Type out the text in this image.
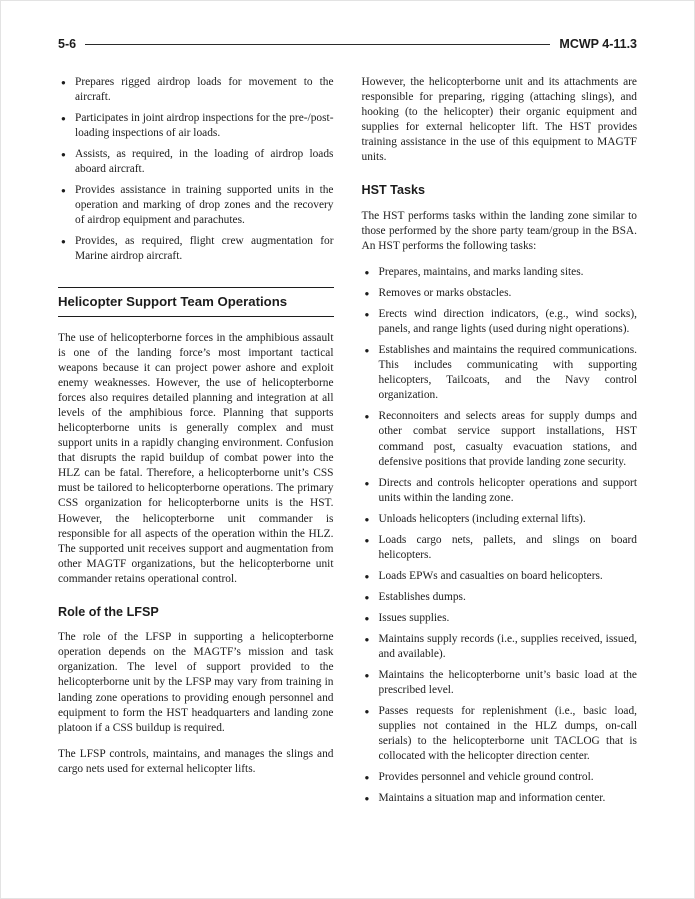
5-6	MCWP 4-11.3
● Prepares rigged airdrop loads for movement to the aircraft.
● Participates in joint airdrop inspections for the pre-/post-loading inspections of air loads.
● Assists, as required, in the loading of airdrop loads aboard aircraft.
● Provides assistance in training supported units in the operation and marking of drop zones and the recovery of airdrop equipment and parachutes.
● Provides, as required, flight crew augmentation for Marine airdrop aircraft.
Helicopter Support Team Operations

The use of helicopterborne forces in the amphibious assault is one of the landing force’s most important tactical weapons because it can project power ashore and exploit enemy weaknesses. However, the use of helicopterborne forces also requires detailed planning and integration at all levels of the amphibious force. Planning that supports helicopterborne units is generally complex and must support units in a rapidly changing environment. Confusion that disrupts the rapid buildup of combat power into the HLZ can be fatal. Therefore, a helicopterborne unit’s CSS must be tailored to helicopterborne operations. The primary CSS organization for helicopterborne units is the HST. However, the helicopterborne unit commander is responsible for all aspects of the operation within the HLZ. The supported unit receives support and augmentation from other MAGTF organizations, but the helicopterborne unit commander retains operational control.

Role of the LFSP

The role of the LFSP in supporting a helicopterborne operation depends on the MAGTF’s mission and task organization. The level of support provided to the helicopterborne unit by the LFSP may vary from training in landing zone operations to providing enough personnel and equipment to form the HST headquarters and landing zone platoon if a CSS buildup is required.

The LFSP controls, maintains, and manages the slings and cargo nets used for external helicopter lifts.

However, the helicopterborne unit and its attachments are responsible for preparing, rigging (attaching slings), and hooking (to the helicopter) their organic equipment and supplies for external helicopter lift. The HST provides training assistance in the use of this equipment to MAGTF units.

HST Tasks

The HST performs tasks within the landing zone similar to those performed by the shore party team/group in the BSA. An HST performs the following tasks:

● Prepares, maintains, and marks landing sites.
● Removes or marks obstacles.
● Erects wind direction indicators, (e.g., wind socks), panels, and range lights (used during night operations).
● Establishes and maintains the required communications. This includes communicating with supporting helicopters, Tailcoats, and the Navy control organization.
● Reconnoiters and selects areas for supply dumps and other combat service support installations, HST command post, casualty evacuation stations, and defensive positions that provide landing zone security.
● Directs and controls helicopter operations and support units within the landing zone.
● Unloads helicopters (including external lifts).
● Loads cargo nets, pallets, and slings on board helicopters.
● Loads EPWs and casualties on board helicopters.
● Establishes dumps.
● Issues supplies.
● Maintains supply records (i.e., supplies received, issued, and available).
● Maintains the helicopterborne unit’s basic load at the prescribed level.
● Passes requests for replenishment (i.e., basic load, supplies not contained in the HLZ dumps, on-call serials) to the helicopterborne unit TACLOG that is collocated with the helicopter direction center.
● Provides personnel and vehicle ground control.
● Maintains a situation map and information center.
